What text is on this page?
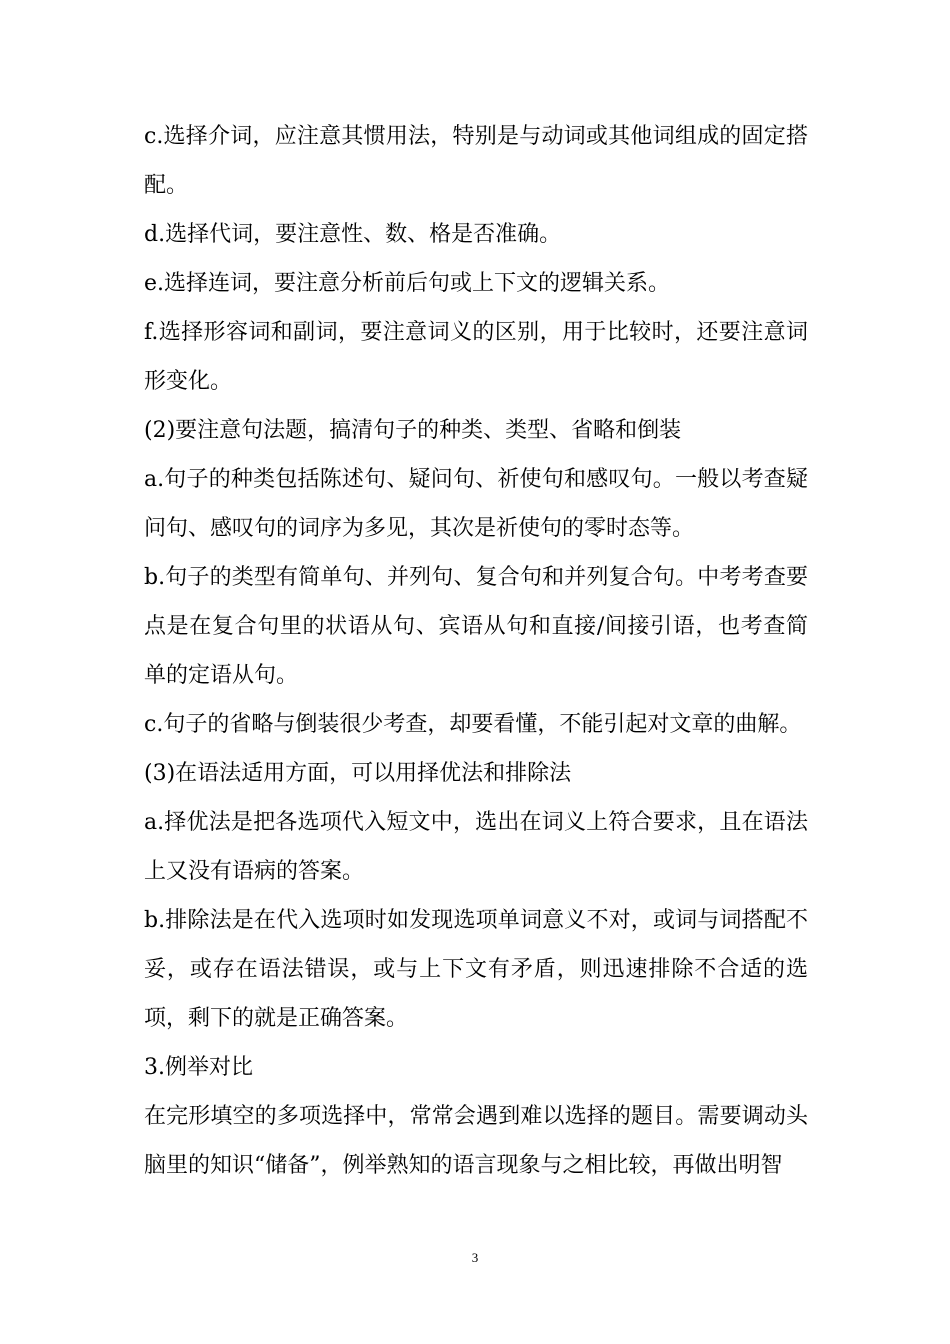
c.选择介词，应注意其惯用法，特别是与动词或其他词组成的固定搭配。

d.选择代词，要注意性、数、格是否准确。

e.选择连词，要注意分析前后句或上下文的逻辑关系。

f.选择形容词和副词，要注意词义的区别，用于比较时，还要注意词形变化。

(2)要注意句法题，搞清句子的种类、类型、省略和倒装

a.句子的种类包括陈述句、疑问句、祈使句和感叹句。一般以考查疑问句、感叹句的词序为多见，其次是祈使句的零时态等。

b.句子的类型有简单句、并列句、复合句和并列复合句。中考考查要点是在复合句里的状语从句、宾语从句和直接/间接引语，也考查简单的定语从句。

c.句子的省略与倒装很少考查，却要看懂，不能引起对文章的曲解。

(3)在语法适用方面，可以用择优法和排除法

a.择优法是把各选项代入短文中，选出在词义上符合要求，且在语法上又没有语病的答案。

b.排除法是在代入选项时如发现选项单词意义不对，或词与词搭配不妥，或存在语法错误，或与上下文有矛盾，则迅速排除不合适的选项，剩下的就是正确答案。

3.例举对比

在完形填空的多项选择中，常常会遇到难以选择的题目。需要调动头脑里的知识“储备”，例举熟知的语言现象与之相比较，再做出明智

3
